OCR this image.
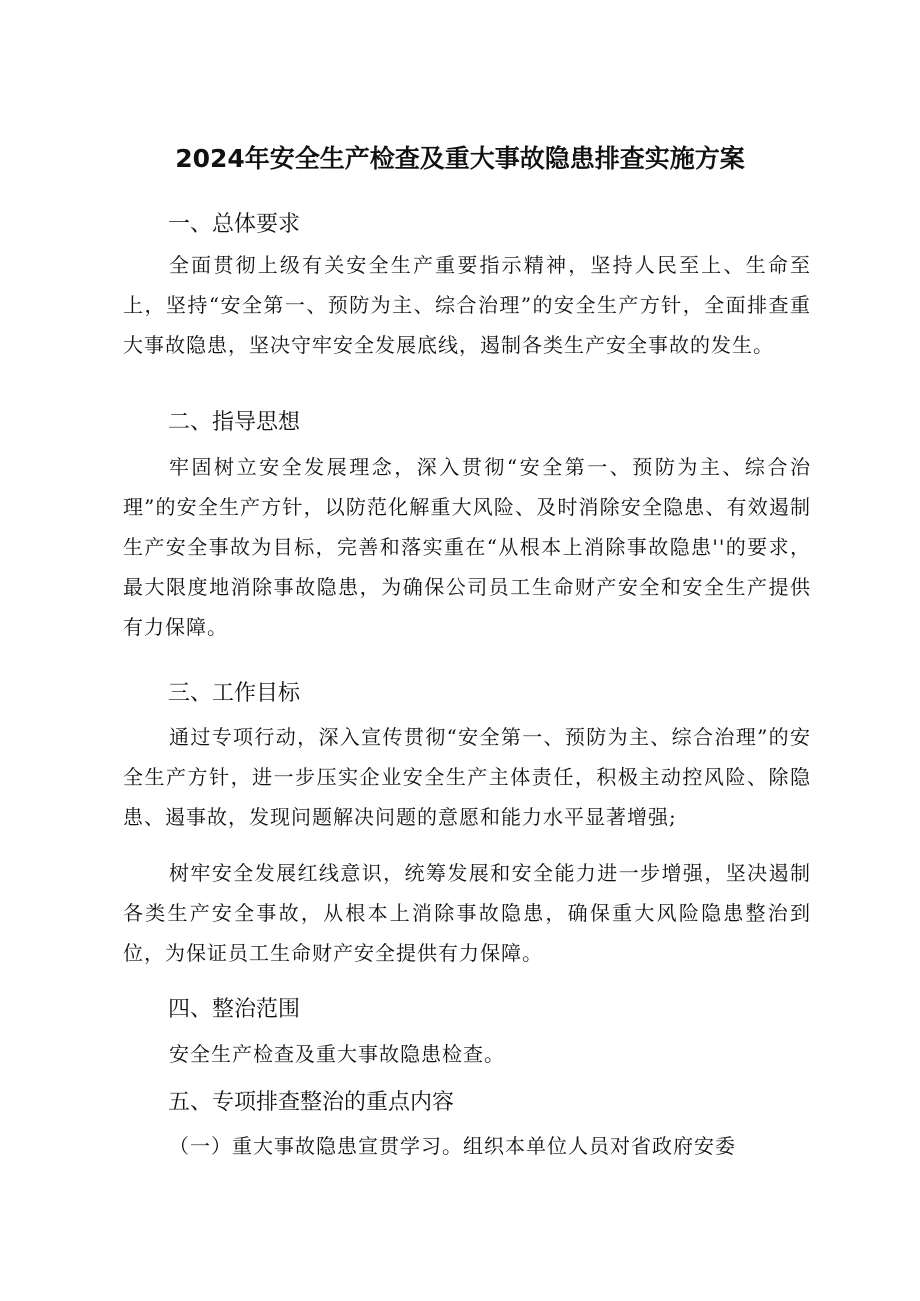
2024年安全生产检查及重大事故隐患排查实施方案
一、总体要求
全面贯彻上级有关安全生产重要指示精神，坚持人民至上、生命至上，坚持“安全第一、预防为主、综合治理”的安全生产方针，全面排查重大事故隐患，坚决守牢安全发展底线，遏制各类生产安全事故的发生。
二、指导思想
牢固树立安全发展理念，深入贯彻“安全第一、预防为主、综合治理”的安全生产方针，以防范化解重大风险、及时消除安全隐患、有效遏制生产安全事故为目标，完善和落实重在“从根本上消除事故隐患''的要求，最大限度地消除事故隐患，为确保公司员工生命财产安全和安全生产提供有力保障。
三、工作目标
通过专项行动，深入宣传贯彻“安全第一、预防为主、综合治理”的安全生产方针，进一步压实企业安全生产主体责任，积极主动控风险、除隐患、遏事故，发现问题解决问题的意愿和能力水平显著增强;
树牢安全发展红线意识，统筹发展和安全能力进一步增强，坚决遏制各类生产安全事故，从根本上消除事故隐患，确保重大风险隐患整治到位，为保证员工生命财产安全提供有力保障。
四、整治范围
安全生产检查及重大事故隐患检查。
五、专项排查整治的重点内容
（一）重大事故隐患宣贯学习。组织本单位人员对省政府安委
